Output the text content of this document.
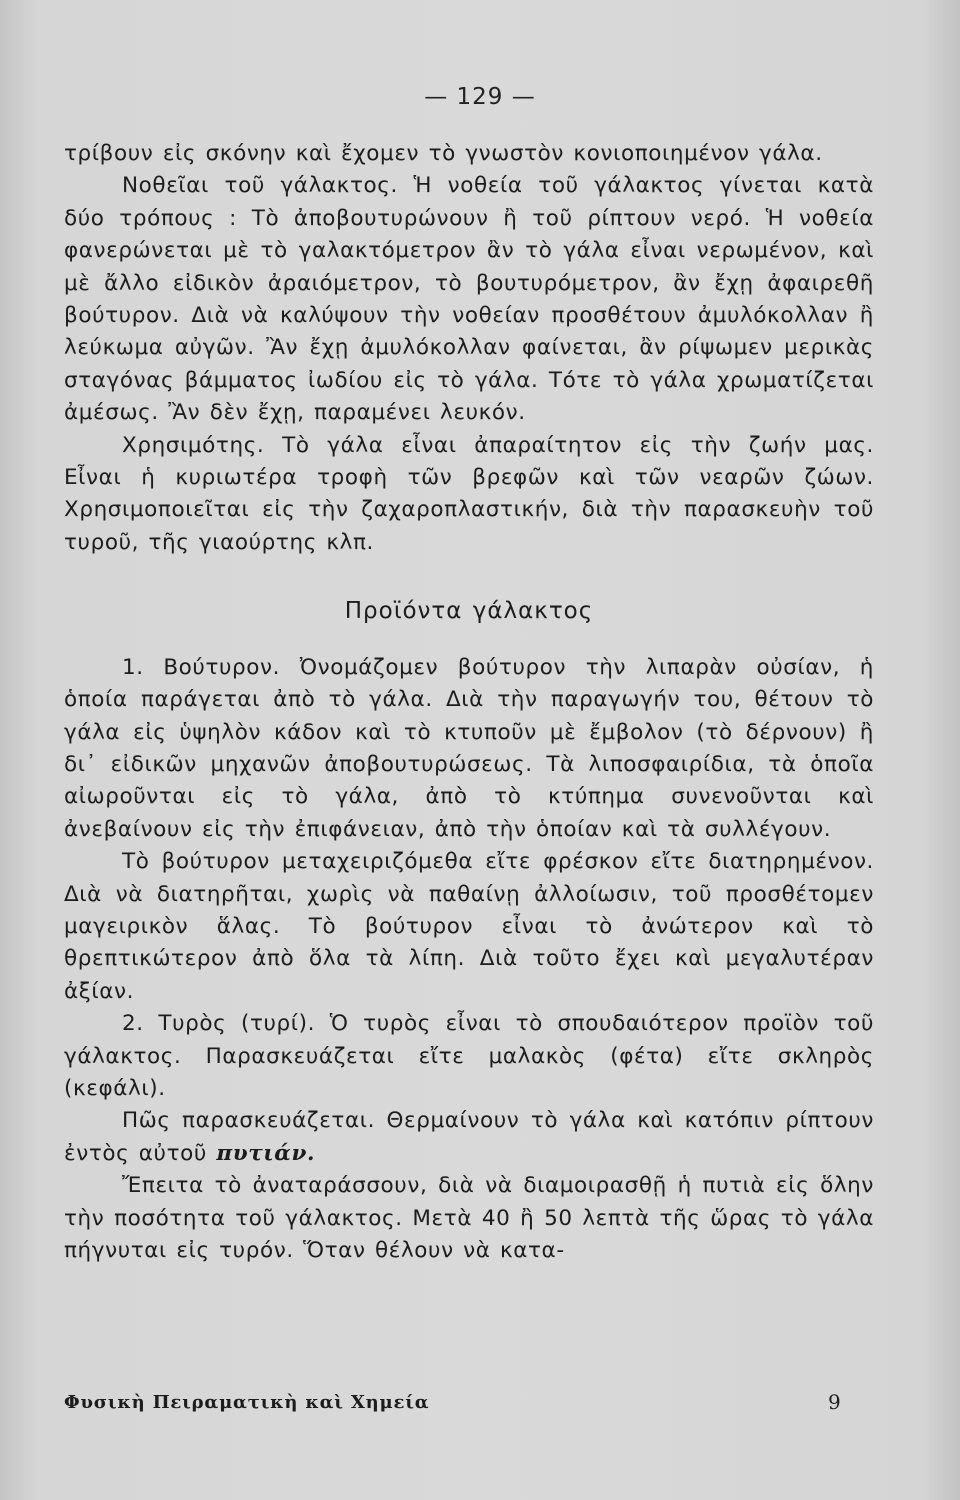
— 129 —

τρίβουν εἰς σκόνην καὶ ἔχομεν τὸ γνωστὸν κονιοποιημένον γάλα.

Νοθεῖαι τοῦ γάλακτος. Ἡ νοθεία τοῦ γάλακτος γίνεται κατὰ δύο τρόπους : Τὸ ἀποβουτυρώνουν ἢ τοῦ ρίπτουν νερό. Ἡ νοθεία φανερώνεται μὲ τὸ γαλακτόμετρον ἂν τὸ γάλα εἶναι νερωμένον, καὶ μὲ ἄλλο εἰδικὸν ἀραιόμετρον, τὸ βουτυρόμετρον, ἂν ἔχῃ ἀφαιρεθῆ βούτυρον. Διὰ νὰ καλύψουν τὴν νοθείαν προσθέτουν ἀμυλόκολλαν ἢ λεύκωμα αὐγῶν. Ἂν ἔχῃ ἀμυλόκολλαν φαίνεται, ἂν ρίψωμεν μερικὰς σταγόνας βάμματος ἰωδίου εἰς τὸ γάλα. Τότε τὸ γάλα χρωματίζεται ἀμέσως. Ἂν δὲν ἔχῃ, παραμένει λευκόν.

Χρησιμότης. Τὸ γάλα εἶναι ἀπαραίτητον εἰς τὴν ζωήν μας. Εἶναι ἡ κυριωτέρα τροφὴ τῶν βρεφῶν καὶ τῶν νεαρῶν ζώων. Χρησιμοποιεῖται εἰς τὴν ζαχαροπλαστικήν, διὰ τὴν παρασκευὴν τοῦ τυροῦ, τῆς γιαούρτης κλπ.

Προϊόντα γάλακτος

1. Βούτυρον. Ὀνομάζομεν βούτυρον τὴν λιπαρὰν οὐσίαν, ἡ ὁποία παράγεται ἀπὸ τὸ γάλα. Διὰ τὴν παραγωγήν του, θέτουν τὸ γάλα εἰς ὑψηλὸν κάδον καὶ τὸ κτυποῦν μὲ ἔμβολον (τὸ δέρνουν) ἢ δι᾽ εἰδικῶν μηχανῶν ἀποβουτυρώσεως. Τὰ λιποσφαιρίδια, τὰ ὁποῖα αἰωροῦνται εἰς τὸ γάλα, ἀπὸ τὸ κτύπημα συνενοῦνται καὶ ἀνεβαίνουν εἰς τὴν ἐπιφάνειαν, ἀπὸ τὴν ὁποίαν καὶ τὰ συλλέγουν.

Τὸ βούτυρον μεταχειριζόμεθα εἴτε φρέσκον εἴτε διατηρημένον. Διὰ νὰ διατηρῆται, χωρὶς νὰ παθαίνῃ ἀλλοίωσιν, τοῦ προσθέτομεν μαγειρικὸν ἅλας. Τὸ βούτυρον εἶναι τὸ ἀνώτερον καὶ τὸ θρεπτικώτερον ἀπὸ ὅλα τὰ λίπη. Διὰ τοῦτο ἔχει καὶ μεγαλυτέραν ἀξίαν.

2. Τυρὸς (τυρί). Ὁ τυρὸς εἶναι τὸ σπουδαιότερον προϊὸν τοῦ γάλακτος. Παρασκευάζεται εἴτε μαλακὸς (φέτα) εἴτε σκληρὸς (κεφάλι).

Πῶς παρασκευάζεται. Θερμαίνουν τὸ γάλα καὶ κατόπιν ρίπτουν ἐντὸς αὐτοῦ πυτιάν.

Ἔπειτα τὸ ἀναταράσσουν, διὰ νὰ διαμοιρασθῇ ἡ πυτιὰ εἰς ὅλην τὴν ποσότητα τοῦ γάλακτος. Μετὰ 40 ἢ 50 λεπτὰ τῆς ὥρας τὸ γάλα πήγνυται εἰς τυρόν. Ὅταν θέλουν νὰ κατα-

Φυσικὴ Πειραματικὴ καὶ Χημεία	9
